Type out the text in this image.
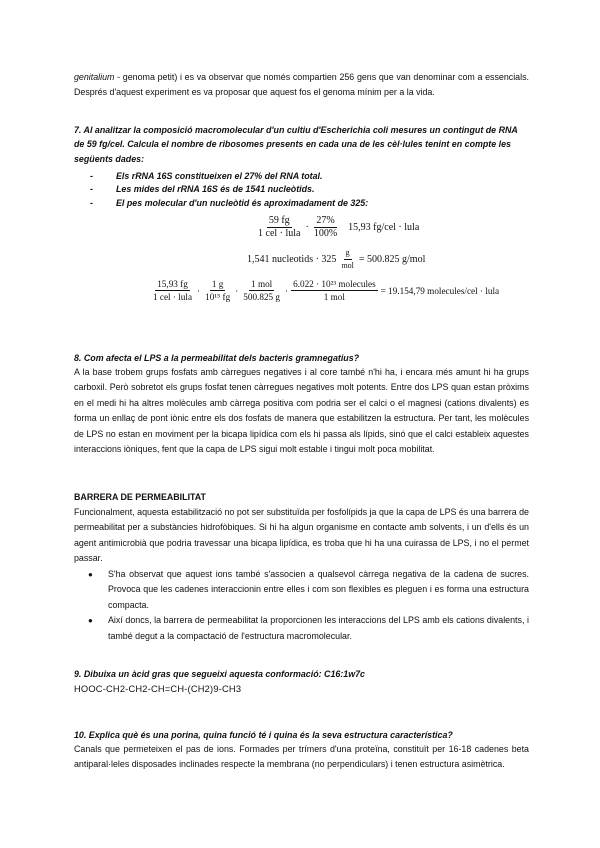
genitalium - genoma petit) i es va observar que només compartien 256 gens que van denominar com a essencials. Després d'aquest experiment es va proposar que aquest fos el genoma mínim per a la vida.

7. Al analitzar la composició macromolecular d'un cultiu d'Escherichia coli mesures un contingut de RNA de 59 fg/cel. Calcula el nombre de ribosomes presents en cada una de les cèl·lules tenint en compte les següents dades:

- Els rRNA 16S constitueixen el 27% del RNA total.
- Les mides del rRNA 16S és de 1541 nucleòtids.
- El pes molecular d'un nucleòtid és aproximadament de 325:
$\frac{59 fg}{\text{1 cel · lula}} \cdot \frac{27\%}{100\%} 15,93$ fg/cel · lula
1,541 nucleotids · $325 \frac{g}{\text{mol}} = 500.825$ g/mol
$\frac{15,93 fg}{\text{1 cel · lula}} \cdot \frac{1 g}{\text{10¹⁵ fg}} \cdot \frac{\text{1 mol}}{500.825 g} \cdot \frac{\text{6.022 · 10²³ molecules}}{\text{1 mol}} = 19.154,79$ molecules/cel · lula

8. Com afecta el LPS a la permeabilitat dels bacteris gramnegatius?

A la base trobem grups fosfats amb càrregues negatives i al core també n'hi ha, i encara més amunt hi ha grups carboxil. Però sobretot els grups fosfat tenen càrregues negatives molt potents. Entre dos LPS quan estan pròxims en el medi hi ha altres molècules amb càrrega positiva com podria ser el calci o el magnesi (cations divalents) es forma un enllaç de pont iònic entre els dos fosfats de manera que estabilitzen la estructura. Per tant, les molècules de LPS no estan en moviment per la bicapa lipídica com els hi passa als lípids, sinó que el calci estableix aquestes interaccions iòniques, fent que la capa de LPS sigui molt estable i tingui molt poca mobilitat.

BARRERA DE PERMEABILITAT

Funcionalment, aquesta estabilització no pot ser substituïda per fosfolípids ja que la capa de LPS és una barrera de permeabilitat per a substàncies hidrofòbiques. Si hi ha algun organisme en contacte amb solvents, i un d'ells és un agent antimicrobià que podria travessar una bicapa lipídica, es troba que hi ha una cuirassa de LPS, i no el permet passar.

● S'ha observat que aquest ions també s'associen a qualsevol càrrega negativa de la cadena de sucres. Provoca que les cadenes interaccionin entre elles i com son flexibles es pleguen i es forma una estructura compacta.
● Així doncs, la barrera de permeabilitat la proporcionen les interaccions del LPS amb els cations divalents, i també degut a la compactació de l'estructura macromolecular.

9. Dibuixa un àcid gras que segueixi aquesta conformació: C16:1w7c

HOOC-CH2-CH2-CH=CH-(CH2)9-CH3

10. Explica què és una porina, quina funció té i quina és la seva estructura característica?

Canals que permeteixen el pas de ions. Formades per trímers d'una proteïna, constituït per 16-18 cadenes beta antiparal·leles disposades inclinades respecte la membrana (no perpendiculars) i tenen estructura asimètrica.
